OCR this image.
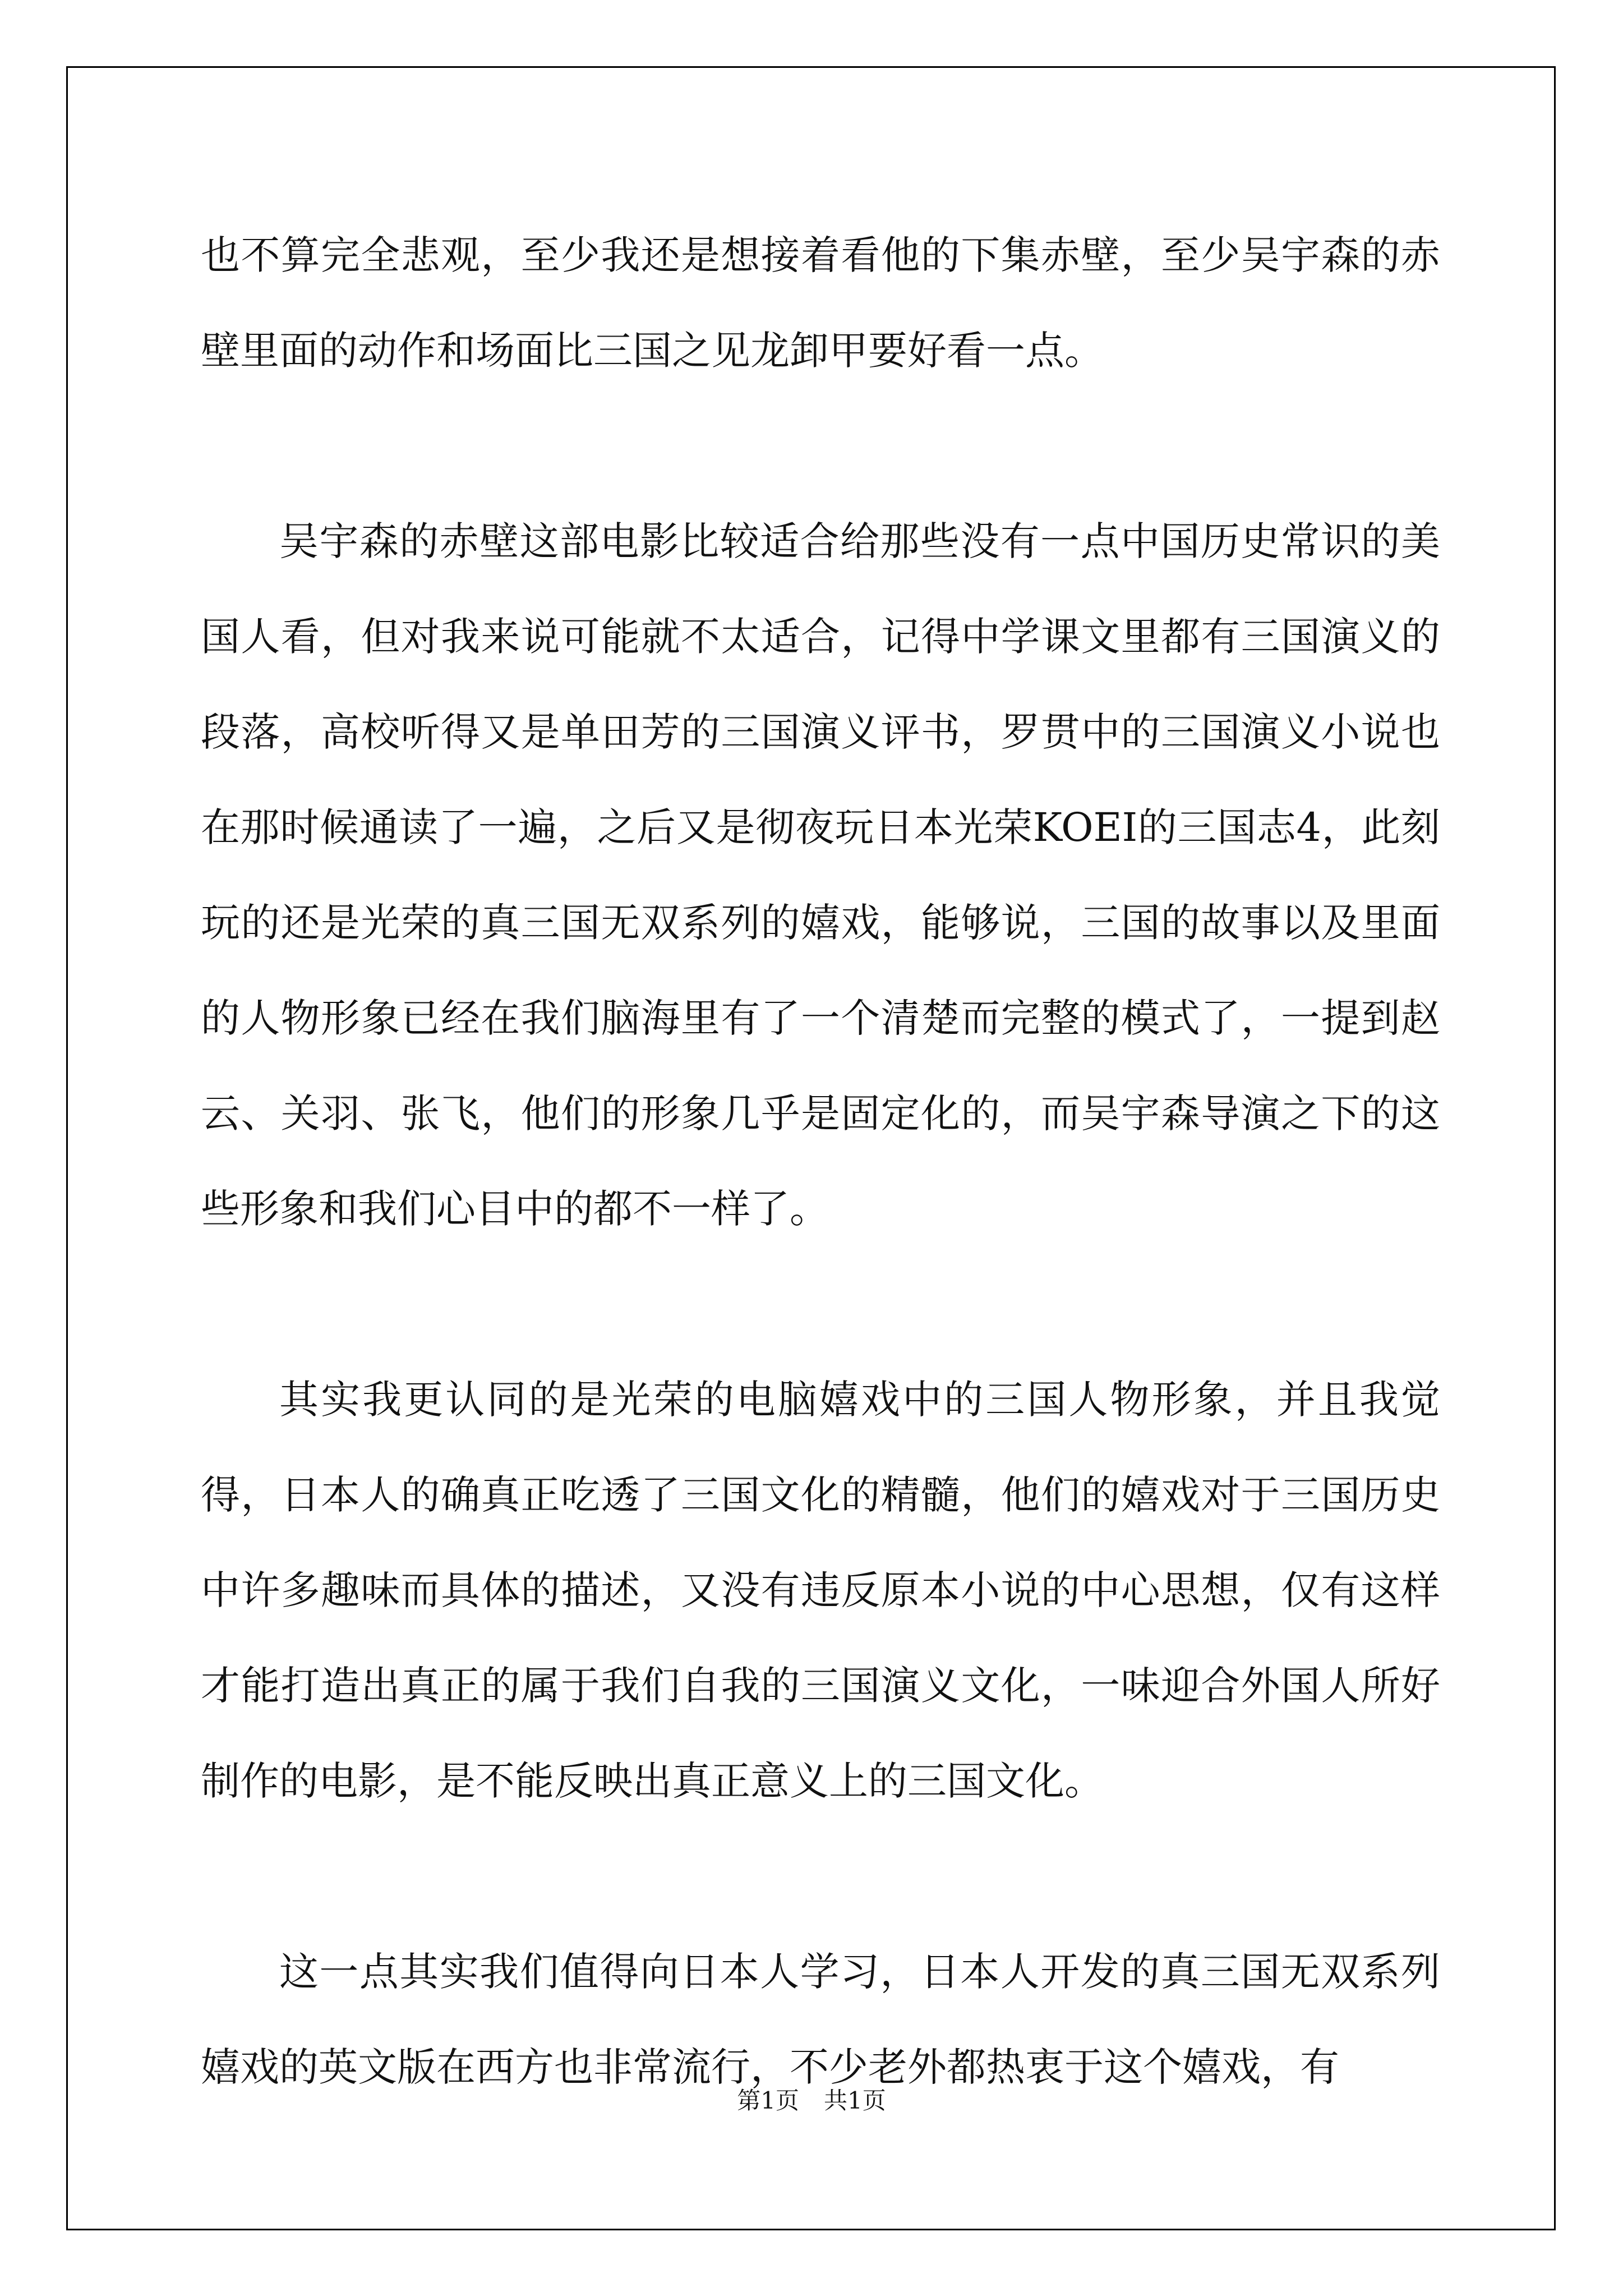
也不算完全悲观，至少我还是想接着看他的下集赤壁，至少吴宇森的赤壁里面的动作和场面比三国之见龙卸甲要好看一点。

吴宇森的赤壁这部电影比较适合给那些没有一点中国历史常识的美国人看，但对我来说可能就不太适合，记得中学课文里都有三国演义的段落，高校听得又是单田芳的三国演义评书，罗贯中的三国演义小说也在那时候通读了一遍，之后又是彻夜玩日本光荣KOEI的三国志4，此刻玩的还是光荣的真三国无双系列的嬉戏，能够说，三国的故事以及里面的人物形象已经在我们脑海里有了一个清楚而完整的模式了，一提到赵云、关羽、张飞，他们的形象几乎是固定化的，而吴宇森导演之下的这些形象和我们心目中的都不一样了。

其实我更认同的是光荣的电脑嬉戏中的三国人物形象，并且我觉得，日本人的确真正吃透了三国文化的精髓，他们的嬉戏对于三国历史中许多趣味而具体的描述，又没有违反原本小说的中心思想，仅有这样才能打造出真正的属于我们自我的三国演义文化，一味迎合外国人所好制作的电影，是不能反映出真正意义上的三国文化。

这一点其实我们值得向日本人学习，日本人开发的真三国无双系列嬉戏的英文版在西方也非常流行，不少老外都热衷于这个嬉戏，有

第1页 共1页
